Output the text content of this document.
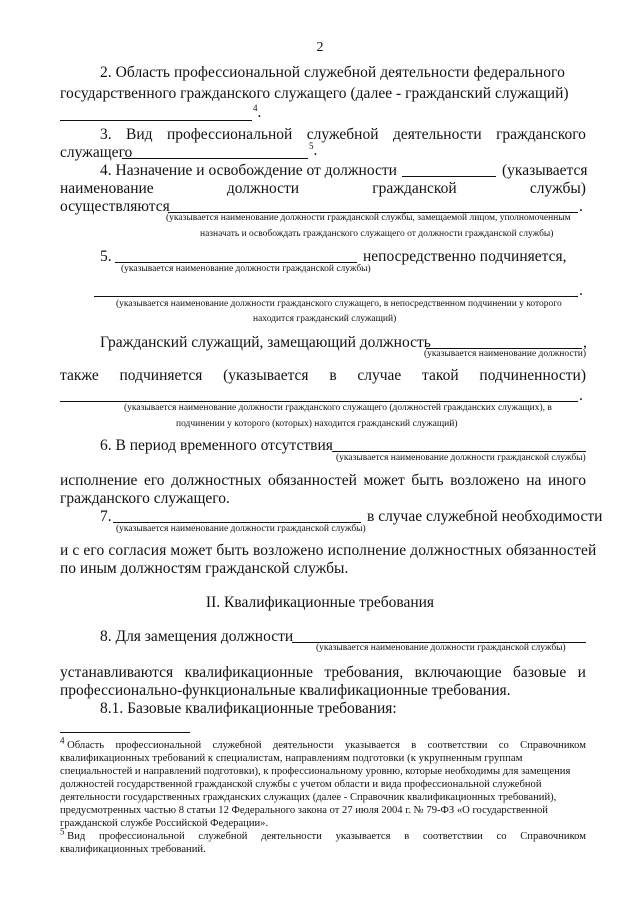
2
2. Область профессиональной служебной деятельности федерального
государственного гражданского служащего (далее - гражданский служащий)
$^4$.
3. Вид профессиональной служебной деятельности гражданского
служащего	$^5$.
4. Назначение и освобождение от должности	(указывается
наименование	должности	гражданской	службы)
осуществляются	.
(указывается наименование должности гражданской службы, замещаемой лицом, уполномоченным
назначать и освобождать гражданского служащего от должности гражданской службы)
5.	непосредственно подчиняется,
(указывается наименование должности гражданской службы)
.
(указывается наименование должности гражданского служащего, в непосредственном подчинении у которого
находится гражданский служащий)
Гражданский служащий, замещающий должность	,
(указывается наименование должности)
также подчиняется (указывается в случае такой подчиненности)
.
(указывается наименование должности гражданского служащего (должностей гражданских служащих), в
подчинении у которого (которых) находится гражданский служащий)
6. В период временного отсутствия
(указывается наименование должности гражданской службы)
исполнение его должностных обязанностей может быть возложено на иного
гражданского служащего.
7.	в случае служебной необходимости
(указывается наименование должности гражданской службы)
и с его согласия может быть возложено исполнение должностных обязанностей
по иным должностям гражданской службы.
II. Квалификационные требования
8. Для замещения должности
(указывается наименование должности гражданской службы)
устанавливаются квалификационные требования, включающие базовые и
профессионально-функциональные квалификационные требования.
8.1. Базовые квалификационные требования:
$^4$ Область профессиональной служебной деятельности указывается в соответствии со Справочником
квалификационных требований к специалистам, направлениям подготовки (к укрупненным группам
специальностей и направлений подготовки), к профессиональному уровню, которые необходимы для замещения
должностей государственной гражданской службы с учетом области и вида профессиональной служебной
деятельности государственных гражданских служащих (далее - Справочник квалификационных требований),
предусмотренных частью 8 статьи 12 Федерального закона от 27 июля 2004 г. № 79-ФЗ «О государственной
гражданской службе Российской Федерации».
$^5$ Вид профессиональной служебной деятельности указывается в соответствии со Справочником
квалификационных требований.
